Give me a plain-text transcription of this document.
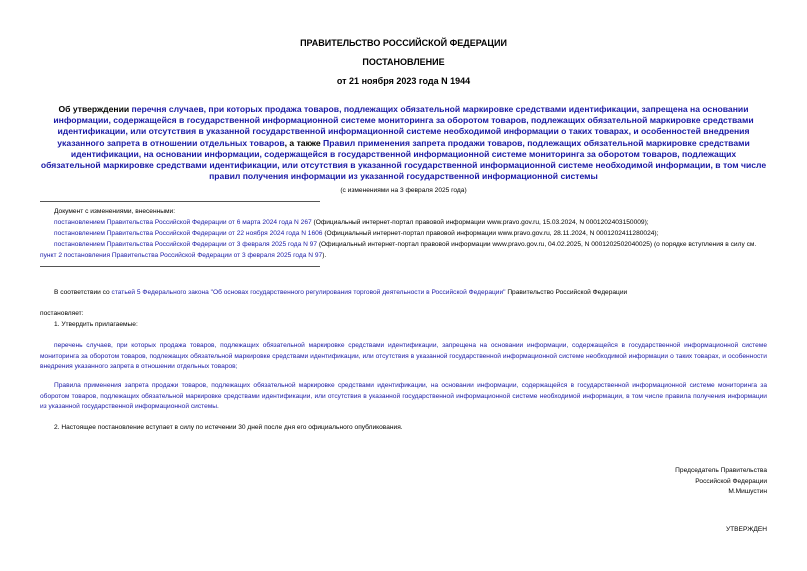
ПРАВИТЕЛЬСТВО РОССИЙСКОЙ ФЕДЕРАЦИИ
ПОСТАНОВЛЕНИЕ
от 21 ноября 2023 года N 1944
Об утверждении перечня случаев, при которых продажа товаров, подлежащих обязательной маркировке средствами идентификации, запрещена на основании информации, содержащейся в государственной информационной системе мониторинга за оборотом товаров, подлежащих обязательной маркировке средствами идентификации, или отсутствия в указанной государственной информационной системе необходимой информации о таких товарах, и особенностей внедрения указанного запрета в отношении отдельных товаров, а также Правил применения запрета продажи товаров, подлежащих обязательной маркировке средствами идентификации, на основании информации, содержащейся в государственной информационной системе мониторинга за оборотом товаров, подлежащих обязательной маркировке средствами идентификации, или отсутствия в указанной государственной информационной системе необходимой информации, в том числе правил получения информации из указанной государственной информационной системы
(с изменениями на 3 февраля 2025 года)
Документ с изменениями, внесенными:
постановлением Правительства Российской Федерации от 6 марта 2024 года N 267 (Официальный интернет-портал правовой информации www.pravo.gov.ru, 15.03.2024, N 0001202403150009);
постановлением Правительства Российской Федерации от 22 ноября 2024 года N 1606 (Официальный интернет-портал правовой информации www.pravo.gov.ru, 28.11.2024, N 0001202411280024);
постановлением Правительства Российской Федерации от 3 февраля 2025 года N 97 (Официальный интернет-портал правовой информации www.pravo.gov.ru, 04.02.2025, N 0001202502040025) (о порядке вступления в силу см. пункт 2 постановления Правительства Российской Федерации от 3 февраля 2025 года N 97).
В соответствии со статьей 5 Федерального закона "Об основах государственного регулирования торговой деятельности в Российской Федерации" Правительство Российской Федерации
постановляет:
1. Утвердить прилагаемые:
перечень случаев, при которых продажа товаров, подлежащих обязательной маркировке средствами идентификации, запрещена на основании информации, содержащейся в государственной информационной системе мониторинга за оборотом товаров, подлежащих обязательной маркировке средствами идентификации, или отсутствия в указанной государственной информационной системе необходимой информации о таких товарах, и особенности внедрения указанного запрета в отношении отдельных товаров;
Правила применения запрета продажи товаров, подлежащих обязательной маркировке средствами идентификации, на основании информации, содержащейся в государственной информационной системе мониторинга за оборотом товаров, подлежащих обязательной маркировке средствами идентификации, или отсутствия в указанной государственной информационной системе необходимой информации, в том числе правила получения информации из указанной государственной информационной системы.
2. Настоящее постановление вступает в силу по истечении 30 дней после дня его официального опубликования.
Председатель Правительства
Российской Федерации
М.Мишустин
УТВЕРЖДЕН
